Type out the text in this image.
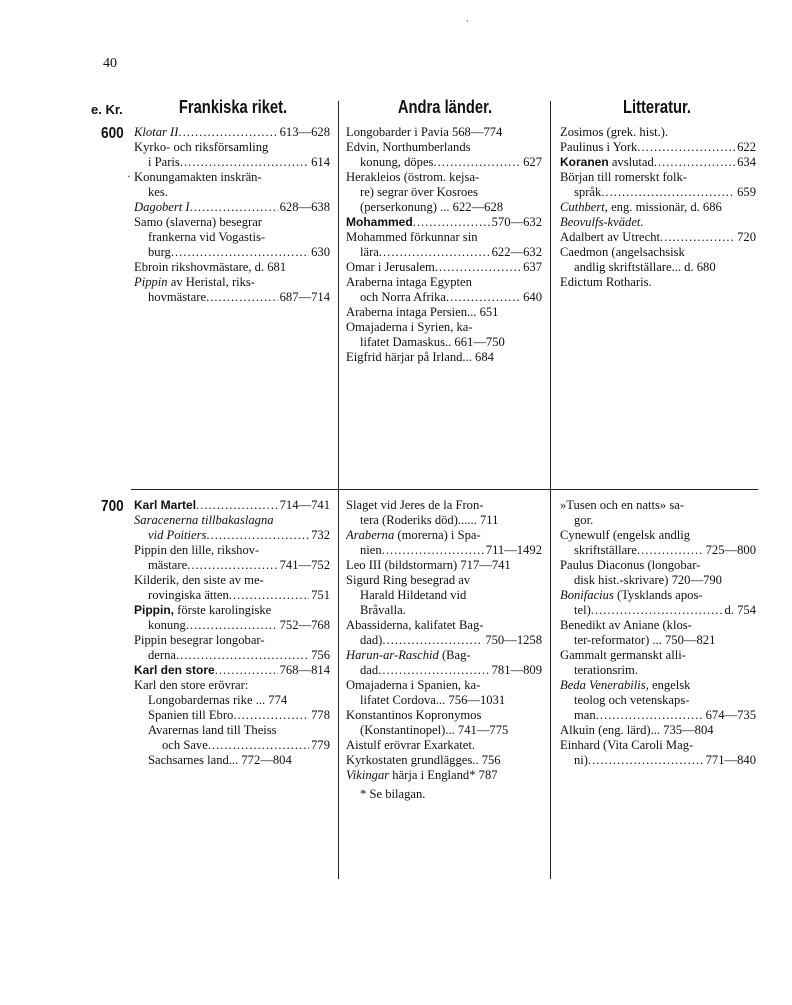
·
40
e. Kr.
600
700
Frankiska riket.	Andra länder.	Litteratur.
·
Klotar II .....	613—628
Kyrko- och riksförsamling
i Paris .....	614
Konungamakten inskrän-
kes.
Dagobert I .....	628—638
Samo (slaverna) besegrar
frankerna vid Vogastis-
burg .....	630
Ebroin rikshovmästare, d. 681
Pippin av Heristal, riks-
hovmästare .....	687—714
Longobarder i Pavia 568—774
Edvin, Northumberlands
konung, döpes .....	627
Herakleios (östrom. kejsa-
re) segrar över Kosroes
(perserkonung) ... 622—628
Mohammed .....	570—632
Mohammed förkunnar sin
lära .....	622—632
Omar i Jerusalem .....	637
Araberna intaga Egypten
och Norra Afrika .....	640
Araberna intaga Persien... 651
Omajaderna i Syrien, ka-
lifatet Damaskus.. 661—750
Eigfrid härjar på Irland... 684
Zosimos (grek. hist.).
Paulinus i York .....	622
Koranen avslutad .....	634
Början till romerskt folk-
språk .....	659
Cuthbert, eng. missionär, d. 686
Beovulfs-kvädet.
Adalbert av Utrecht .....	720
Caedmon (angelsachsisk
andlig skriftställare... d. 680
Edictum Rotharis.
Karl Martel .....	714—741
Saracenerna tillbakaslagna
vid Poitiers .....	732
Pippin den lille, rikshov-
mästare .....	741—752
Kilderik, den siste av me-
rovingiska ätten .....	751
Pippin, förste karolingiske
konung .....	752—768
Pippin besegrar longobar-
derna .....	756
Karl den store .....	768—814
Karl den store erövrar:
Longobardernas rike ... 774
Spanien till Ebro .....	778
Avarernas land till Theiss
och Save .....	779
Sachsarnes land... 772—804
Slaget vid Jeres de la Fron-
tera (Roderiks död)...... 711
Araberna (morerna) i Spa-
nien .....	711—1492
Leo III (bildstormarn) 717—741
Sigurd Ring besegrad av
Harald Hildetand vid
Bråvalla.
Abassiderna, kalifatet Bag-
dad) .....	750—1258
Harun-ar-Raschid (Bag-
dad .....	781—809
Omajaderna i Spanien, ka-
lifatet Cordova... 756—1031
Konstantinos Kopronymos
(Konstantinopel)... 741—775
Aistulf erövrar Exarkatet.
Kyrkostaten grundlägges.. 756
Vikingar härja i England* 787
»Tusen och en natts» sa-
gor.
Cynewulf (engelsk andlig
skriftställare .....	725—800
Paulus Diaconus (longobar-
disk hist.-skrivare) 720—790
Bonifacius (Tysklands apos-
tel) .....	d. 754
Benedikt av Aniane (klos-
ter-reformator) ... 750—821
Gammalt germanskt alli-
terationsrim.
Beda Venerabilis, engelsk
teolog och vetenskaps-
man .....	674—735
Alkuin (eng. lärd)... 735—804
Einhard (Vita Caroli Mag-
ni) .....	771—840
* Se bilagan.
